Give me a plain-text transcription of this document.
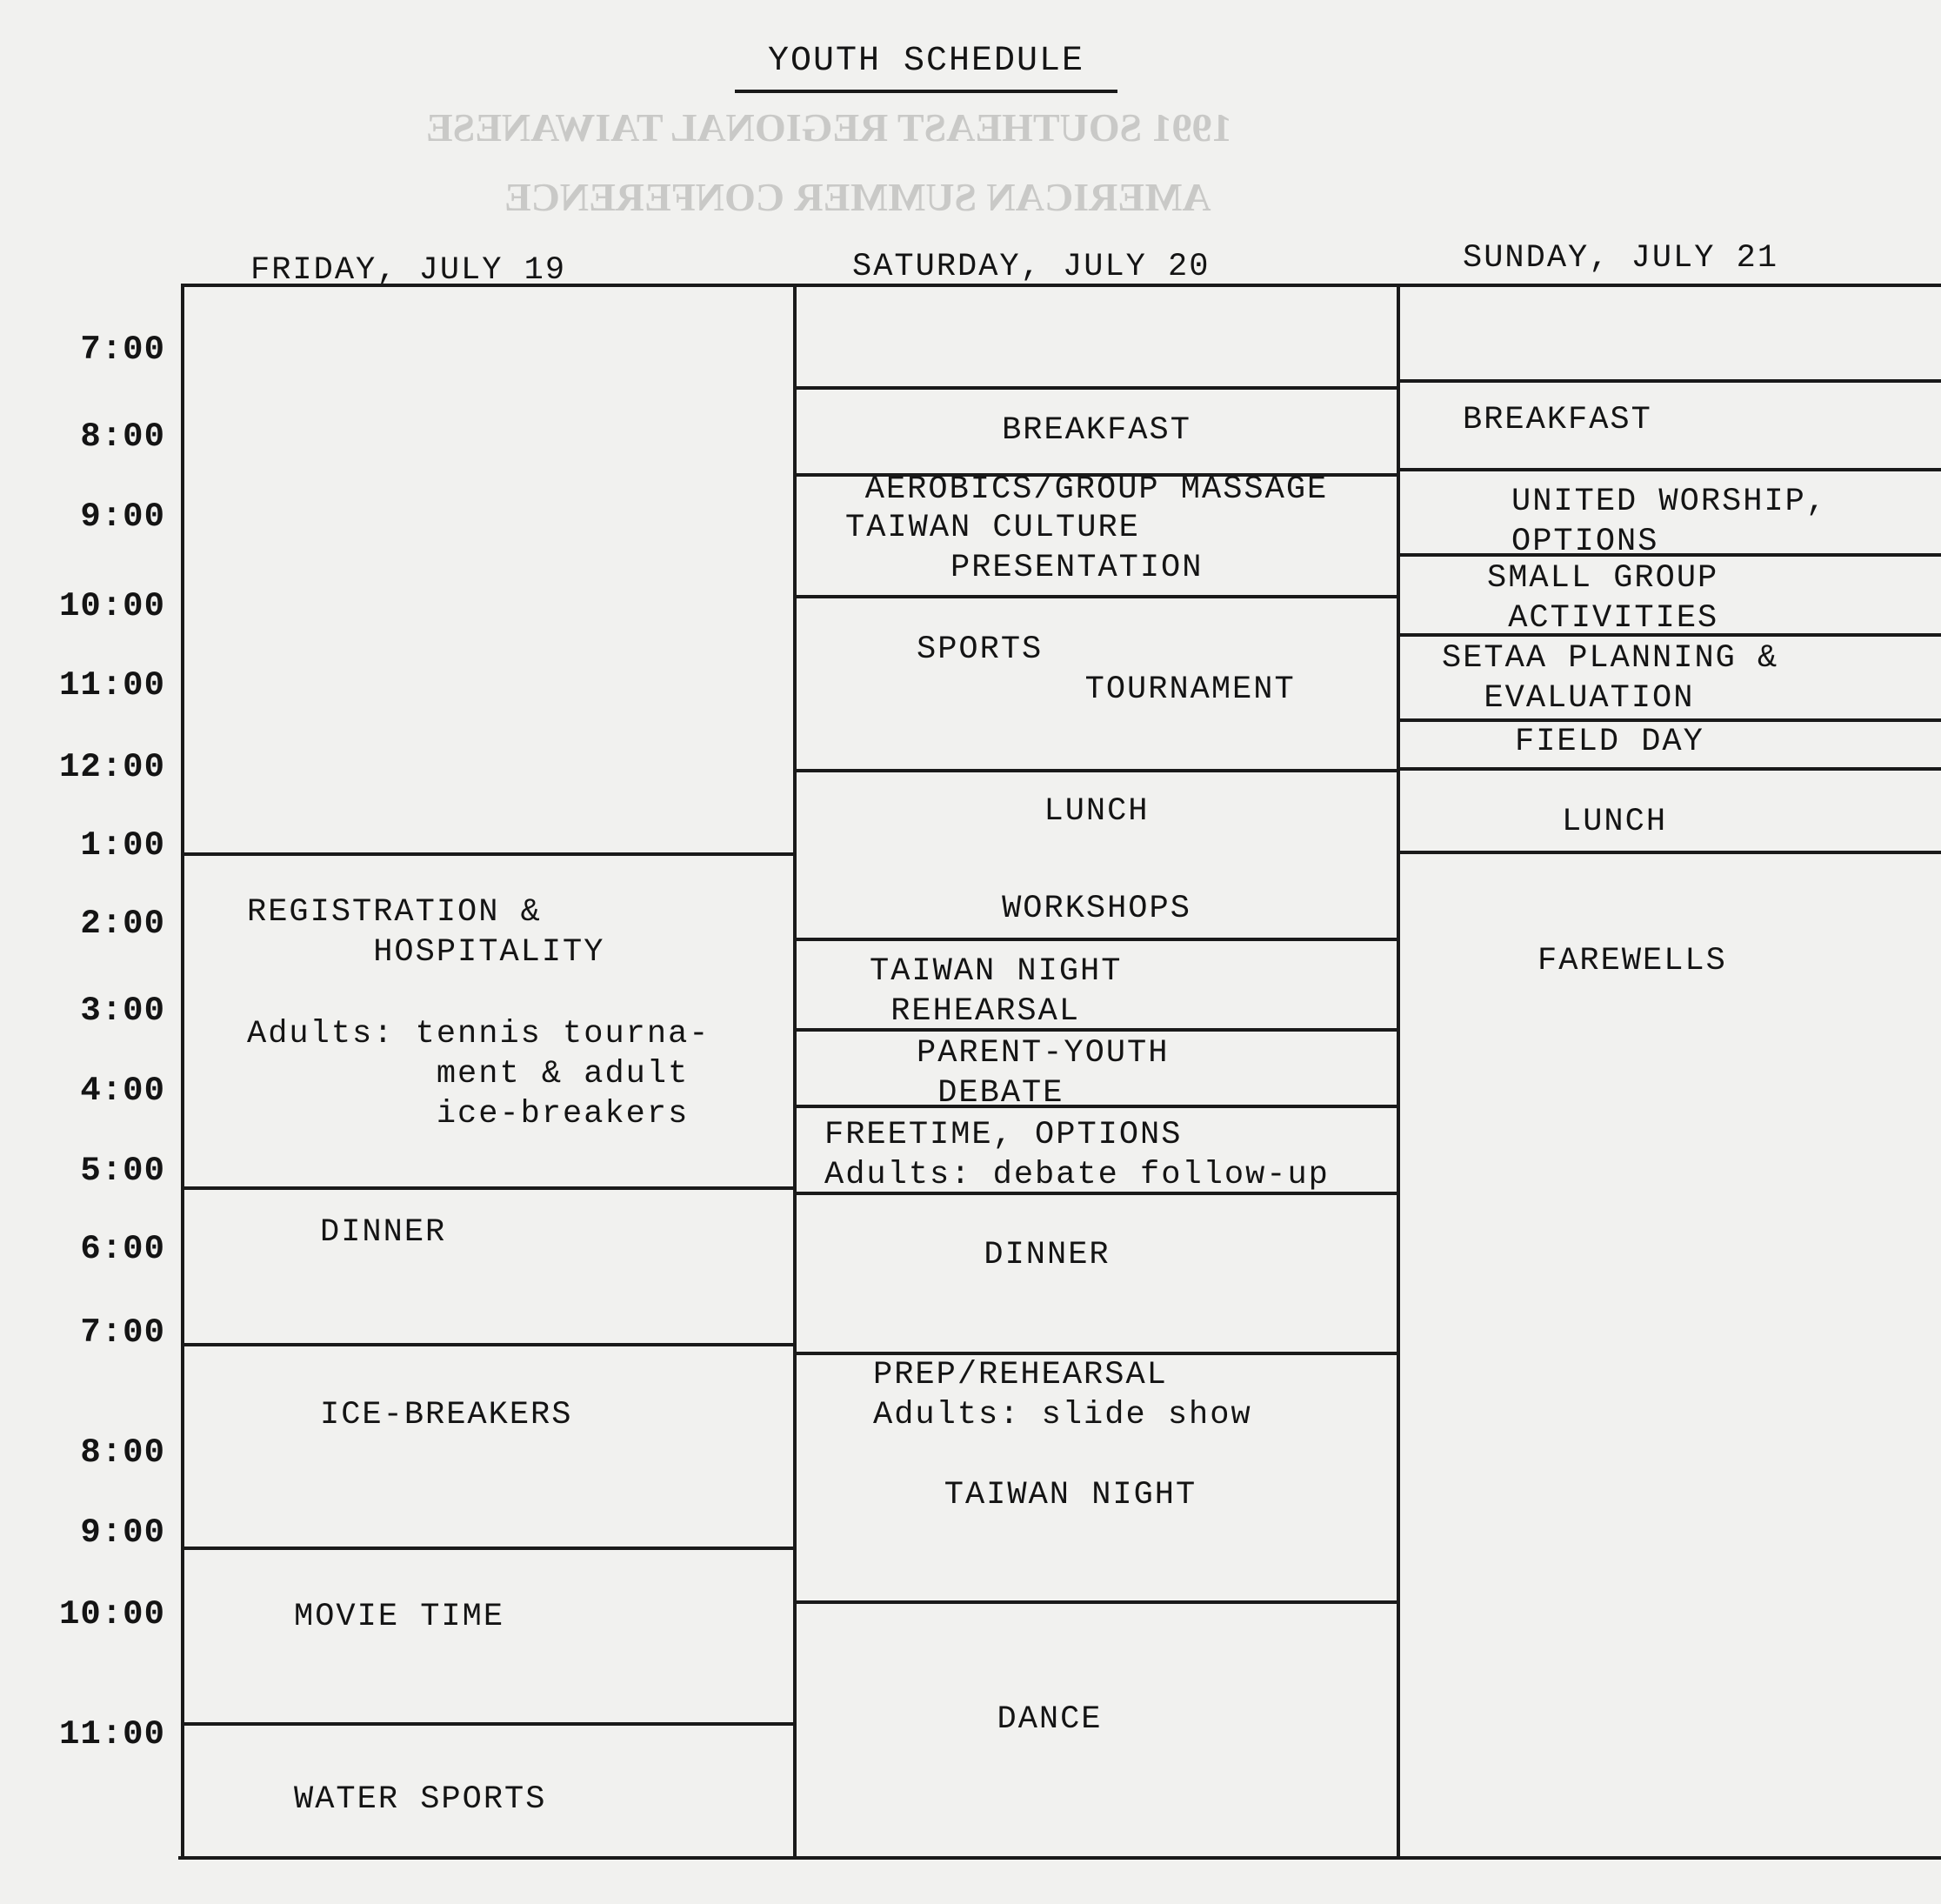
1991 SOUTHEAST REGIONAL TAIWANESE
AMERICAN SUMMER CONFERENCE
YOUTH SCHEDULE
FRIDAY, JULY 19	SATURDAY, JULY 20	SUNDAY, JULY 21
7:00
8:00
9:00
10:00
11:00
12:00
1:00
2:00
3:00
4:00
5:00
6:00
7:00
8:00
9:00
10:00
11:00
REGISTRATION &
HOSPITALITY
Adults: tennis tourna-
ment & adult
ice-breakers
DINNER
ICE-BREAKERS
MOVIE TIME
WATER SPORTS
BREAKFAST
AEROBICS/GROUP MASSAGE
TAIWAN CULTURE
PRESENTATION
SPORTS
TOURNAMENT
LUNCH
WORKSHOPS
TAIWAN NIGHT
REHEARSAL
PARENT-YOUTH
DEBATE
FREETIME, OPTIONS
Adults: debate follow-up
DINNER
PREP/REHEARSAL
Adults: slide show
TAIWAN NIGHT
DANCE
BREAKFAST
UNITED WORSHIP,
OPTIONS
SMALL GROUP
ACTIVITIES
SETAA PLANNING &
EVALUATION
FIELD DAY
LUNCH
FAREWELLS
